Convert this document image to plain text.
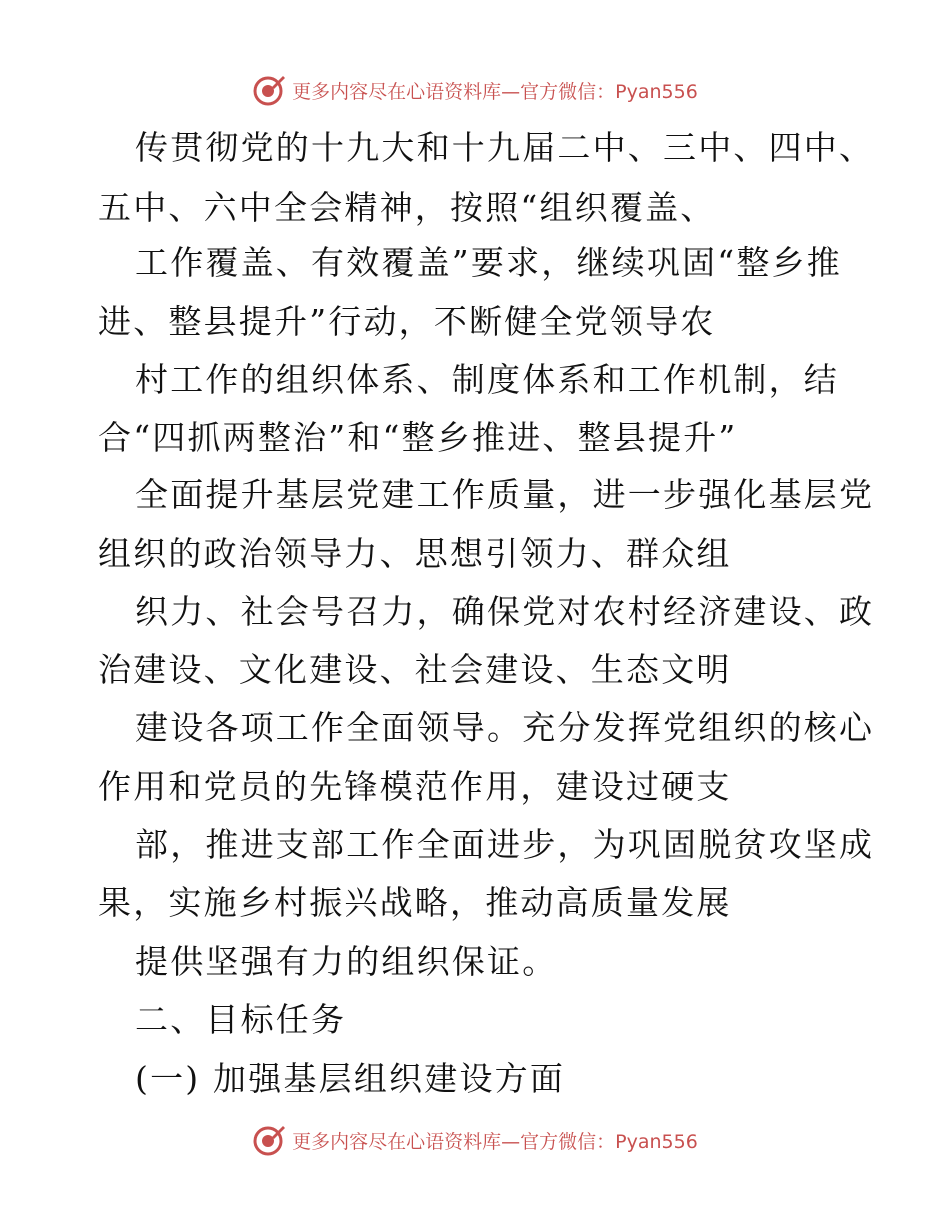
更多内容尽在心语资料库—官方微信：Pyan556
传贯彻党的十九大和十九届二中、三中、四中、
五中、六中全会精神，按照“组织覆盖、
工作覆盖、有效覆盖”要求，继续巩固“整乡推
进、整县提升”行动，不断健全党领导农
村工作的组织体系、制度体系和工作机制，结
合“四抓两整治”和“整乡推进、整县提升”
全面提升基层党建工作质量，进一步强化基层党
组织的政治领导力、思想引领力、群众组
织力、社会号召力，确保党对农村经济建设、政
治建设、文化建设、社会建设、生态文明
建设各项工作全面领导。充分发挥党组织的核心
作用和党员的先锋模范作用，建设过硬支
部，推进支部工作全面进步，为巩固脱贫攻坚成
果，实施乡村振兴战略，推动高质量发展
提供坚强有力的组织保证。
二、目标任务
(一) 加强基层组织建设方面
更多内容尽在心语资料库—官方微信：Pyan556
